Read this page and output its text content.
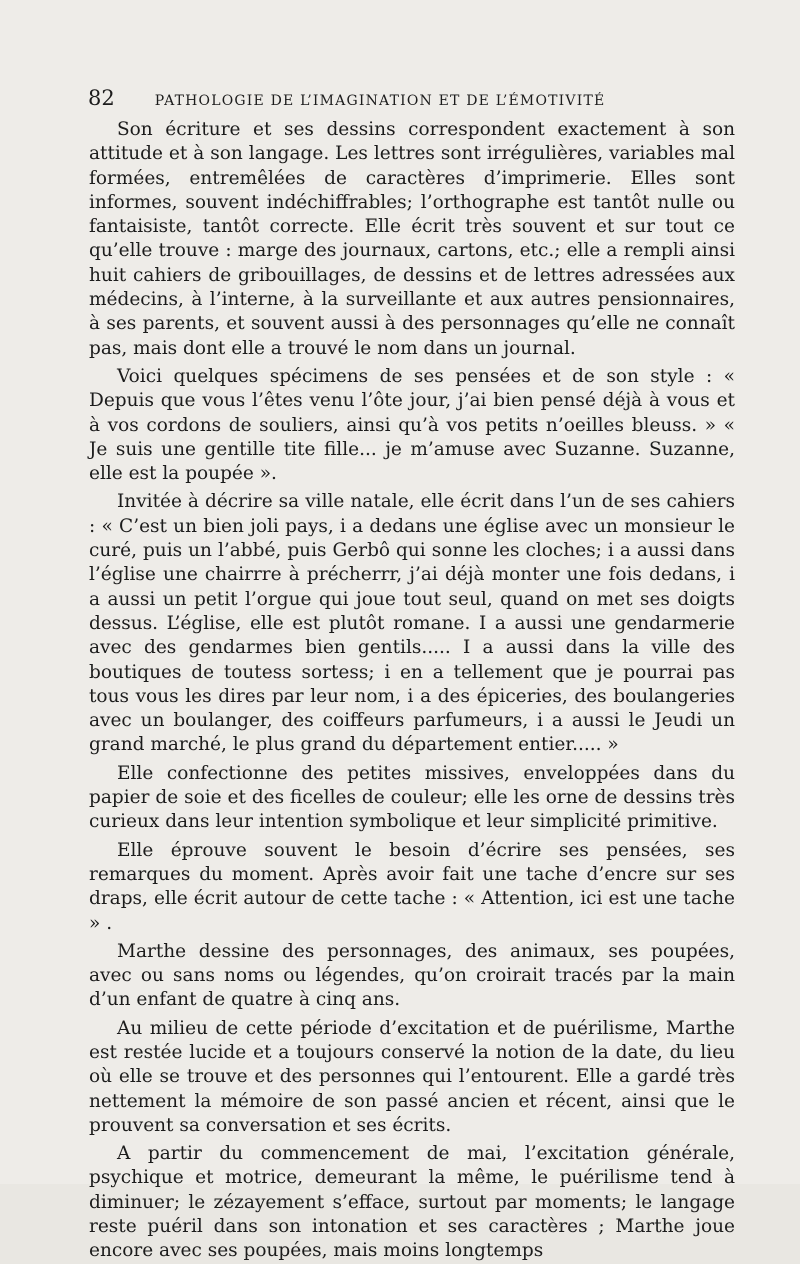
82	PATHOLOGIE DE L’IMAGINATION ET DE L’ÉMOTIVITÉ

Son écriture et ses dessins correspondent exactement à son attitude et à son langage. Les lettres sont irrégulières, variables mal formées, entremêlées de caractères d’imprimerie. Elles sont informes, souvent indéchiffrables; l’orthographe est tantôt nulle ou fantaisiste, tantôt correcte. Elle écrit très souvent et sur tout ce qu’elle trouve : marge des journaux, cartons, etc.; elle a rempli ainsi huit cahiers de gribouillages, de dessins et de lettres adressées aux médecins, à l’interne, à la surveillante et aux autres pensionnaires, à ses parents, et souvent aussi à des personnages qu’elle ne connaît pas, mais dont elle a trouvé le nom dans un journal.

Voici quelques spécimens de ses pensées et de son style : « Depuis que vous l’êtes venu l’ôte jour, j’ai bien pensé déjà à vous et à vos cordons de souliers, ainsi qu’à vos petits n’oeilles bleuss. » « Je suis une gentille tite fille... je m’amuse avec Suzanne. Suzanne, elle est la poupée ».

Invitée à décrire sa ville natale, elle écrit dans l’un de ses cahiers : « C’est un bien joli pays, i a dedans une église avec un monsieur le curé, puis un l’abbé, puis Gerbô qui sonne les cloches; i a aussi dans l’église une chairrre à précherrr, j’ai déjà monter une fois dedans, i a aussi un petit l’orgue qui joue tout seul, quand on met ses doigts dessus. L’église, elle est plutôt romane. I a aussi une gendarmerie avec des gendarmes bien gentils..... I a aussi dans la ville des boutiques de toutess sortess; i en a tellement que je pourrai pas tous vous les dires par leur nom, i a des épiceries, des boulangeries avec un boulanger, des coiffeurs parfumeurs, i a aussi le Jeudi un grand marché, le plus grand du département entier..... »

Elle confectionne des petites missives, enveloppées dans du papier de soie et des ficelles de couleur; elle les orne de dessins très curieux dans leur intention symbolique et leur simplicité primitive.

Elle éprouve souvent le besoin d’écrire ses pensées, ses remarques du moment. Après avoir fait une tache d’encre sur ses draps, elle écrit autour de cette tache : « Attention, ici est une tache » .

Marthe dessine des personnages, des animaux, ses poupées, avec ou sans noms ou légendes, qu’on croirait tracés par la main d’un enfant de quatre à cinq ans.

Au milieu de cette période d’excitation et de puérilisme, Marthe est restée lucide et a toujours conservé la notion de la date, du lieu où elle se trouve et des personnes qui l’entourent. Elle a gardé très nettement la mémoire de son passé ancien et récent, ainsi que le prouvent sa conversation et ses écrits.

A partir du commencement de mai, l’excitation générale, psychique et motrice, demeurant la même, le puérilisme tend à diminuer; le zézayement s’efface, surtout par moments; le langage reste puéril dans son intonation et ses caractères ; Marthe joue encore avec ses poupées, mais moins longtemps
